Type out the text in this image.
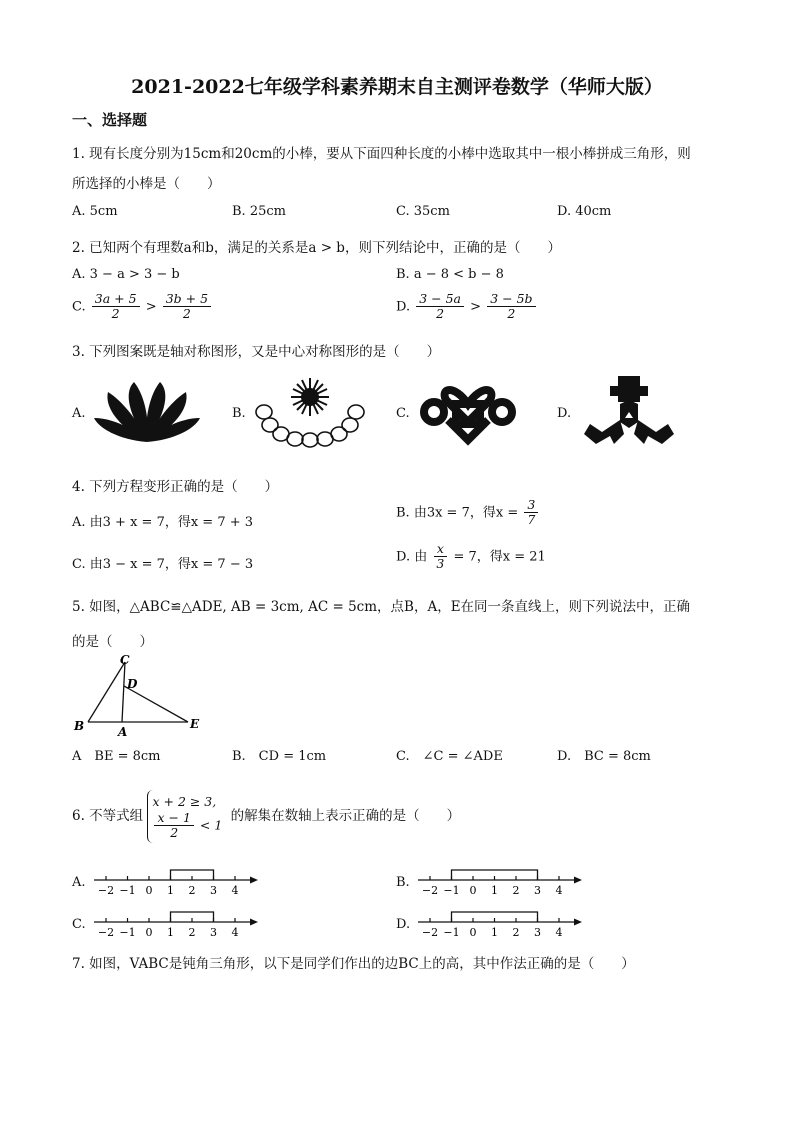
2021-2022七年级学科素养期末自主测评卷数学（华师大版）
一、选择题
1. 现有长度分别为15cm和20cm的小棒，要从下面四种长度的小棒中选取其中一根小棒拼成三角形，则
所选择的小棒是（　　）
A. 5cm	B. 25cm	C. 35cm	D. 40cm
2. 已知两个有理数a和b，满足的关系是a > b，则下列结论中，正确的是（　　）
A. 3 − a > 3 − b	B. a − 8 < b − 8
C. $\frac{3a + 5}{2} > \frac{3b + 5}{2}$	D. $\frac{3 - 5a}{2} > \frac{3 - 5b}{2}$
3. 下列图案既是轴对称图形，又是中心对称图形的是（　　）
A.	B.	C.	D.
4. 下列方程变形正确的是（　　）
A. 由3 + x = 7，得x = 7 + 3
B. 由3x = 7，得$x = \frac{3}{7}$
C. 由3 − x = 7，得x = 7 − 3
D. 由 $\frac{x}{3} = 7$，得x = 21
5. 如图，△ABC≌△ADE, AB = 3cm, AC = 5cm，点B，A，E在同一条直线上，则下列说法中，正确
的是（　　）
C
D
B	A
E
A　BE = 8cm	B.　CD = 1cm	C.　∠C = ∠ADE	D.　BC = 8cm
6. 不等式组
x + 2 ≥ 3,
$\frac{x - 1}{2} < 1$
的解集在数轴上表示正确的是（　　）
A.
−2 −1 0 1 2 3 4
B.
−2 −1 0 1 2 3 4
C.
−2 −1 0 1 2 3 4
D.
−2 −1 0 1 2 3 4
7. 如图，VABC是钝角三角形，以下是同学们作出的边BC上的高，其中作法正确的是（　　）
